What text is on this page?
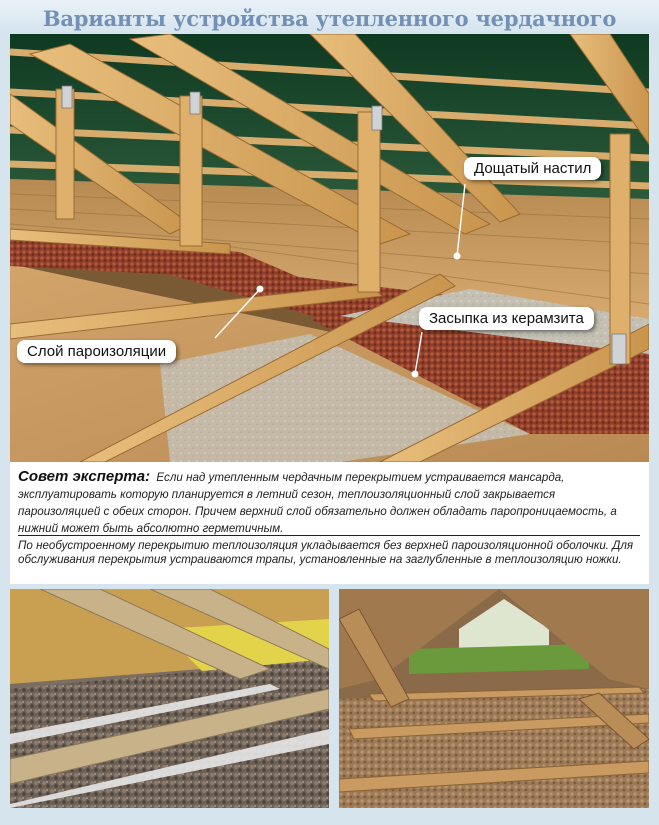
Варианты устройства утепленного чердачного
Дощатый настил
Засыпка из керамзита
Слой пароизоляции
Совет эксперта: Если над утепленным чердачным перекрытием устраивается мансарда, эксплуатировать которую планируется в летний сезон, теплоизоляционный слой закрывается пароизоляцией с обеих сторон. Причем верхний слой обязательно должен обладать паропроницаемость, а нижний может быть абсолютно герметичным.
По необустроенному перекрытию теплоизоляция укладывается без верхней пароизоляционной оболочки. Для обслуживания перекрытия устраиваются трапы, установленные на заглубленные в теплоизоляцию ножки.
